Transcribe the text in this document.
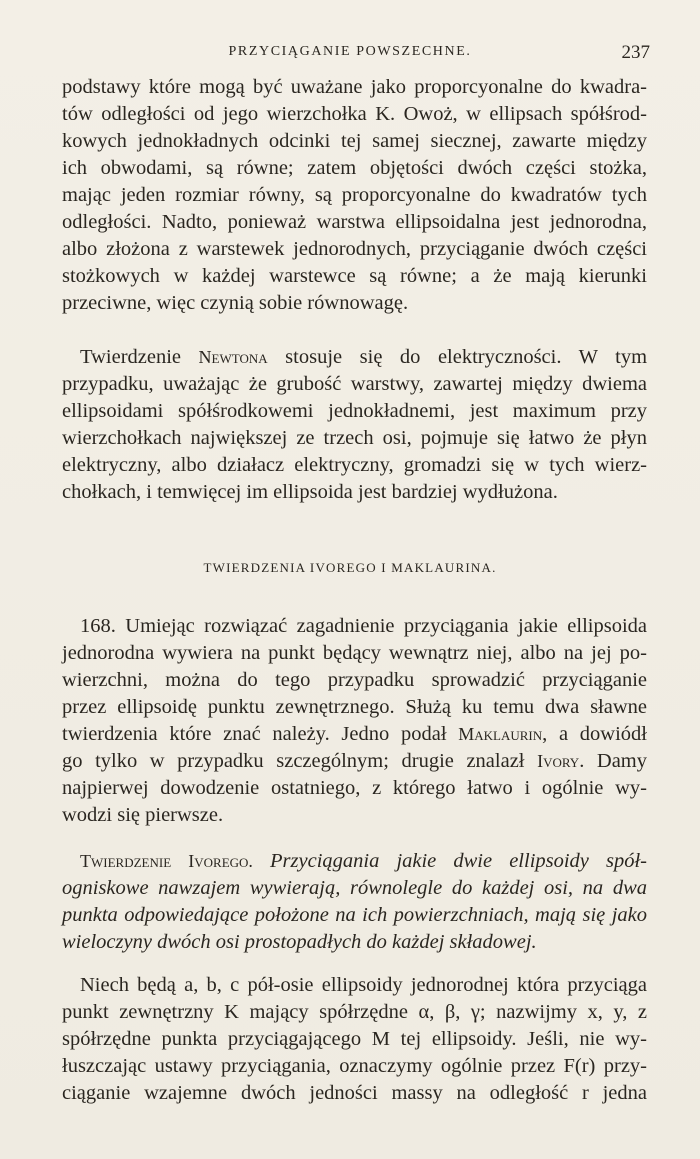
PRZYCIĄGANIE POWSZECHNE.	237
podstawy które mogą być uważane jako proporcyonalne do kwadra-
tów odległości od jego wierzchołka K. Owoż, w ellipsach spółśrod-
kowych jednokładnych odcinki tej samej siecznej, zawarte między
ich obwodami, są równe; zatem objętości dwóch części stożka,
mając jeden rozmiar równy, są proporcyonalne do kwadratów tych
odległości. Nadto, ponieważ warstwa ellipsoidalna jest jednorodna,
albo złożona z warstewek jednorodnych, przyciąganie dwóch części
stożkowych w każdej warstewce są równe; a że mają kierunki
przeciwne, więc czynią sobie równowagę.
Twierdzenie Newtona stosuje się do elektryczności. W tym
przypadku, uważając że grubość warstwy, zawartej między dwiema
ellipsoidami spółśrodkowemi jednokładnemi, jest maximum przy
wierzchołkach największej ze trzech osi, pojmuje się łatwo że płyn
elektryczny, albo działacz elektryczny, gromadzi się w tych wierz-
chołkach, i temwięcej im ellipsoida jest bardziej wydłużona.
TWIERDZENIA IVOREGO I MAKLAURINA.
168. Umiejąc rozwiązać zagadnienie przyciągania jakie ellipsoida
jednorodna wywiera na punkt będący wewnątrz niej, albo na jej po-
wierzchni, można do tego przypadku sprowadzić przyciąganie
przez ellipsoidę punktu zewnętrznego. Służą ku temu dwa sławne
twierdzenia które znać należy. Jedno podał Maklaurin, a dowiódł
go tylko w przypadku szczególnym; drugie znalazł Ivory. Damy
najpierwej dowodzenie ostatniego, z którego łatwo i ogólnie wy-
wodzi się pierwsze.
Twierdzenie Ivorego. Przyciągania jakie dwie ellipsoidy spół-
ogniskowe nawzajem wywierają, równolegle do każdej osi, na dwa
punkta odpowiedające położone na ich powierzchniach, mają się jako
wieloczyny dwóch osi prostopadłych do każdej składowej.
Niech będą a, b, c pół-osie ellipsoidy jednorodnej która przyciąga
punkt zewnętrzny K mający spółrzędne α, β, γ; nazwijmy x, y, z
spółrzędne punkta przyciągającego M tej ellipsoidy. Jeśli, nie wy-
łuszczając ustawy przyciągania, oznaczymy ogólnie przez F(r) przy-
ciąganie wzajemne dwóch jedności massy na odległość r jedna
